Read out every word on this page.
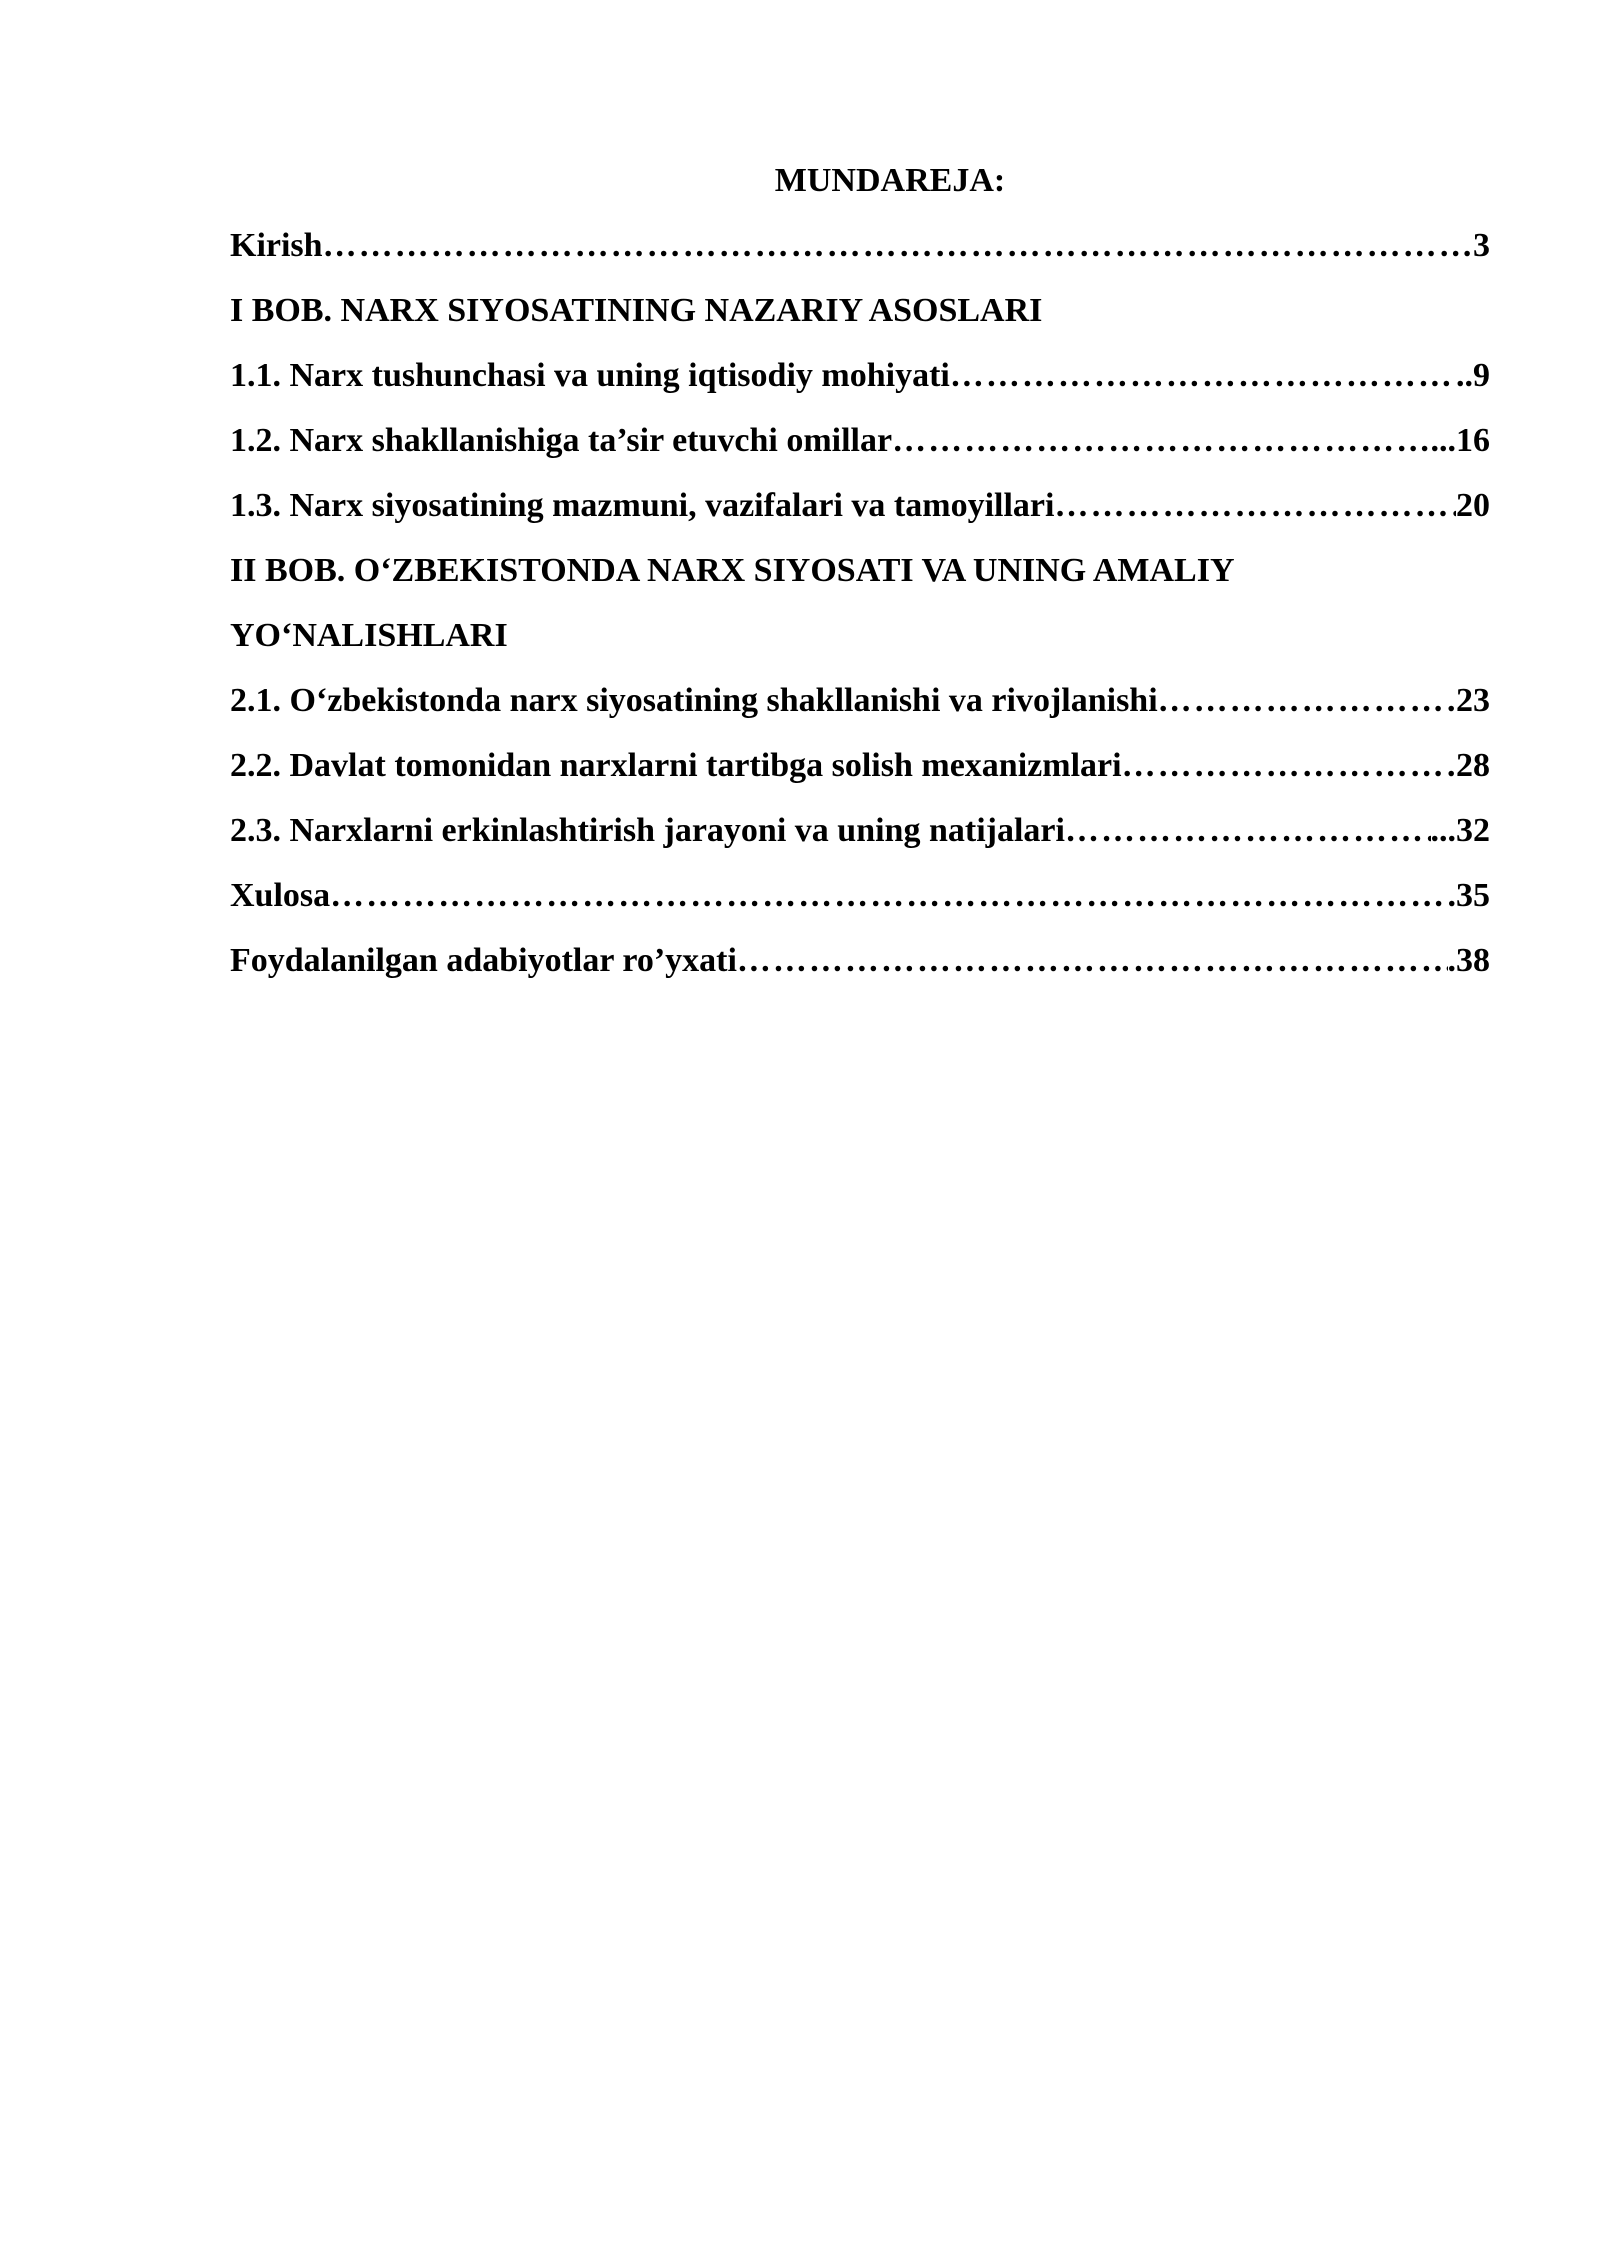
MUNDAREJA:
Kirish …………………………………………………………………………………………………………………………………………………………………………………………	3
I BOB. NARX SIYOSATINING NAZARIY ASOSLARI
1.1. Narx tushunchasi va uning iqtisodiy mohiyati …………………………………………………………………………………………………………………………………………………………………………………………	..9
1.2. Narx shakllanishiga ta’sir etuvchi omillar …………………………………………………………………………………………………………………………………………………………………………………………	...16
1.3. Narx siyosatining mazmuni, vazifalari va tamoyillari …………………………………………………………………………………………………………………………………………………………………………………………	20
II BOB. O‘ZBEKISTONDA NARX SIYOSATI VA UNING AMALIY
YO‘NALISHLARI
2.1. O‘zbekistonda narx siyosatining shakllanishi va rivojlanishi …………………………………………………………………………………………………………………………………………………………………………………………	23
2.2. Davlat tomonidan narxlarni tartibga solish mexanizmlari …………………………………………………………………………………………………………………………………………………………………………………………	28
2.3. Narxlarni erkinlashtirish jarayoni va uning natijalari …………………………………………………………………………………………………………………………………………………………………………………………	...32
Xulosa …………………………………………………………………………………………………………………………………………………………………………………………	.35
Foydalanilgan adabiyotlar ro’yxati …………………………………………………………………………………………………………………………………………………………………………………………	.38
